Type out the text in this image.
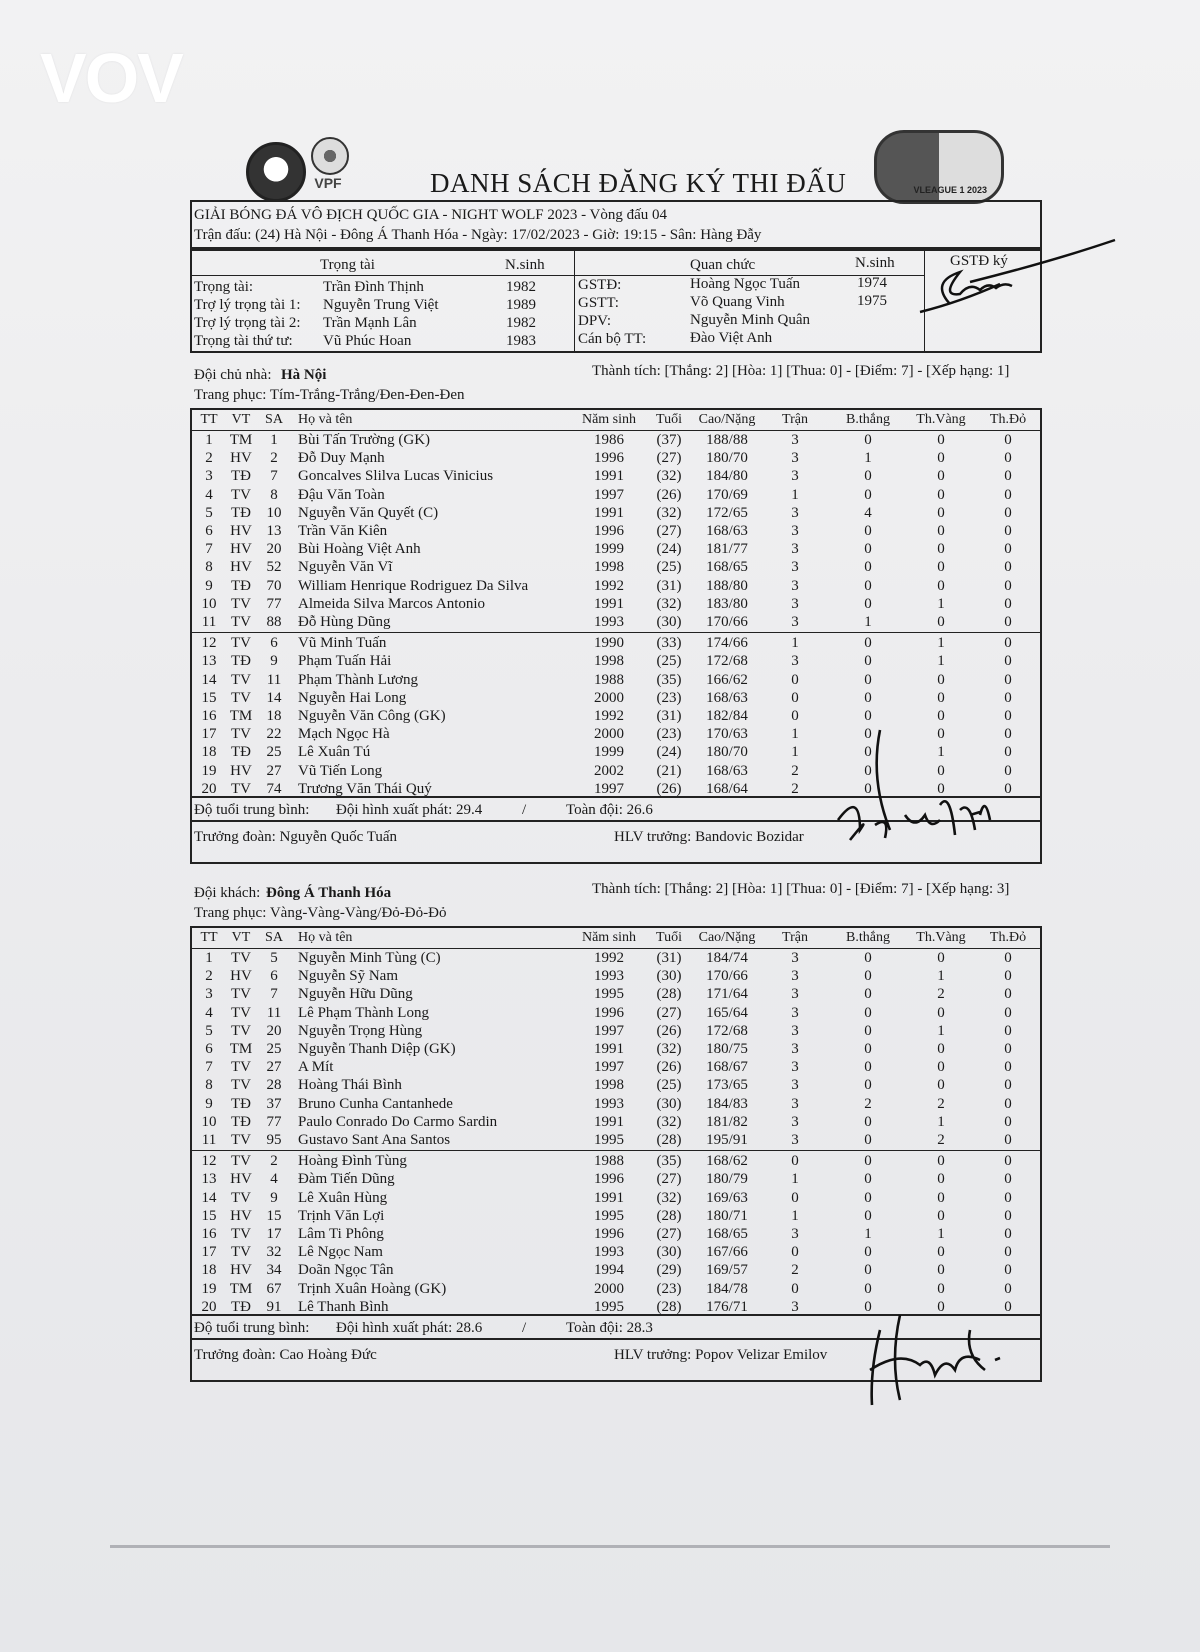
VOV
VPF	VLEAGUE 1 2023
DANH SÁCH ĐĂNG KÝ THI ĐẤU
GIẢI BÓNG ĐÁ VÔ ĐỊCH QUỐC GIA - NIGHT WOLF 2023 - Vòng đấu 04
Trận đấu: (24) Hà Nội - Đông Á Thanh Hóa - Ngày: 17/02/2023 - Giờ: 19:15 - Sân: Hàng Đẫy
Trọng tài	N.sinh	Quan chức	N.sinh	GSTĐ ký
Trọng tài:	Trần Đình Thịnh	1982	GSTĐ:	Hoàng Ngọc Tuấn	1974
Trợ lý trọng tài 1: Nguyễn Trung Việt	1989	GSTT:	Võ Quang Vinh	1975
Trợ lý trọng tài 2: Trần Mạnh Lân	1982	DPV:	Nguyễn Minh Quân
Trọng tài thứ tư: Vũ Phúc Hoan	1983	Cán bộ TT:	Đào Việt Anh
Đội chủ nhà: Hà Nội	Thành tích: [Thắng: 2] [Hòa: 1] [Thua: 0] - [Điểm: 7] - [Xếp hạng: 1]
Trang phục: Tím-Trắng-Trắng/Đen-Đen-Đen
TT	VT	SA	Họ và tên	Năm sinh	Tuổi	Cao/Nặng	Trận	B.thắng	Th.Vàng	Th.Đỏ
1	TM	1	Bùi Tấn Trường (GK)	1986	(37)	188/88	3	0	0	0
2	HV	2	Đỗ Duy Mạnh	1996	(27)	180/70	3	1	0	0
3	TĐ	7	Goncalves Slilva Lucas Vinicius	1991	(32)	184/80	3	0	0	0
4	TV	8	Đậu Văn Toàn	1997	(26)	170/69	1	0	0	0
5	TĐ	10	Nguyễn Văn Quyết (C)	1991	(32)	172/65	3	4	0	0
6	HV 13	Trần Văn Kiên	1996	(27)	168/63	3	0	0	0
7	HV 20	Bùi Hoàng Việt Anh	1999	(24)	181/77	3	0	0	0
8	HV 52	Nguyễn Văn Vĩ	1998	(25)	168/65	3	0	0	0
9	TĐ	70	William Henrique Rodriguez Da Silva	1992	(31)	188/80	3	0	0	0
10 TV	77	Almeida Silva Marcos Antonio	1991	(32)	183/80	3	0	1	0
11 TV	88	Đỗ Hùng Dũng	1993	(30)	170/66	3	1	0	0
12 TV	6	Vũ Minh Tuấn	1990	(33)	174/66	1	0	1	0
13 TĐ	9	Phạm Tuấn Hải	1998	(25)	172/68	3	0	1	0
14 TV	11	Phạm Thành Lương	1988	(35)	166/62	0	0	0	0
15 TV	14	Nguyễn Hai Long	2000	(23)	168/63	0	0	0	0
16 TM 18	Nguyễn Văn Công (GK)	1992	(31)	182/84	0	0	0	0
17 TV	22	Mạch Ngọc Hà	2000	(23)	170/63	1	0	0	0
18 TĐ	25	Lê Xuân Tú	1999	(24)	180/70	1	0	1	0
19 HV 27	Vũ Tiến Long	2002	(21)	168/63	2	0	0	0
20 TV	74	Trương Văn Thái Quý	1997	(26)	168/64	2	0	0	0
Độ tuổi trung bình: Đội hình xuất phát: 29.4	/	Toàn đội: 26.6
Trưởng đoàn: Nguyễn Quốc Tuấn	HLV trưởng: Bandovic Bozidar
Đội khách: Đông Á Thanh Hóa	Thành tích: [Thắng: 2] [Hòa: 1] [Thua: 0] - [Điểm: 7] - [Xếp hạng: 3]
Trang phục: Vàng-Vàng-Vàng/Đỏ-Đỏ-Đỏ
TT	VT	SA	Họ và tên	Năm sinh	Tuổi	Cao/Nặng	Trận	B.thắng	Th.Vàng	Th.Đỏ
1	TV	5	Nguyễn Minh Tùng (C)	1992	(31)	184/74	3	0	0	0
2	HV	6	Nguyễn Sỹ Nam	1993	(30)	170/66	3	0	1	0
3	TV	7	Nguyễn Hữu Dũng	1995	(28)	171/64	3	0	2	0
4	TV	11	Lê Phạm Thành Long	1996	(27)	165/64	3	0	0	0
5	TV	20	Nguyễn Trọng Hùng	1997	(26)	172/68	3	0	1	0
6	TM 25	Nguyễn Thanh Diệp (GK)	1991	(32)	180/75	3	0	0	0
7	TV	27	A Mít	1997	(26)	168/67	3	0	0	0
8	TV	28	Hoàng Thái Bình	1998	(25)	173/65	3	0	0	0
9	TĐ	37	Bruno Cunha Cantanhede	1993	(30)	184/83	3	2	2	0
10 TĐ	77	Paulo Conrado Do Carmo Sardin	1991	(32)	181/82	3	0	1	0
11 TV	95	Gustavo Sant Ana Santos	1995	(28)	195/91	3	0	2	0
12 TV	2	Hoàng Đình Tùng	1988	(35)	168/62	0	0	0	0
13 HV	4	Đàm Tiến Dũng	1996	(27)	180/79	1	0	0	0
14 TV	9	Lê Xuân Hùng	1991	(32)	169/63	0	0	0	0
15 HV 15	Trịnh Văn Lợi	1995	(28)	180/71	1	0	0	0
16 TV	17	Lâm Ti Phông	1996	(27)	168/65	3	1	1	0
17 TV	32	Lê Ngọc Nam	1993	(30)	167/66	0	0	0	0
18 HV 34	Doãn Ngọc Tân	1994	(29)	169/57	2	0	0	0
19 TM 67	Trịnh Xuân Hoàng (GK)	2000	(23)	184/78	0	0	0	0
20 TĐ	91	Lê Thanh Bình	1995	(28)	176/71	3	0	0	0
Độ tuổi trung bình: Đội hình xuất phát: 28.6	/	Toàn đội: 28.3
Trưởng đoàn: Cao Hoàng Đức	HLV trưởng: Popov Velizar Emilov
